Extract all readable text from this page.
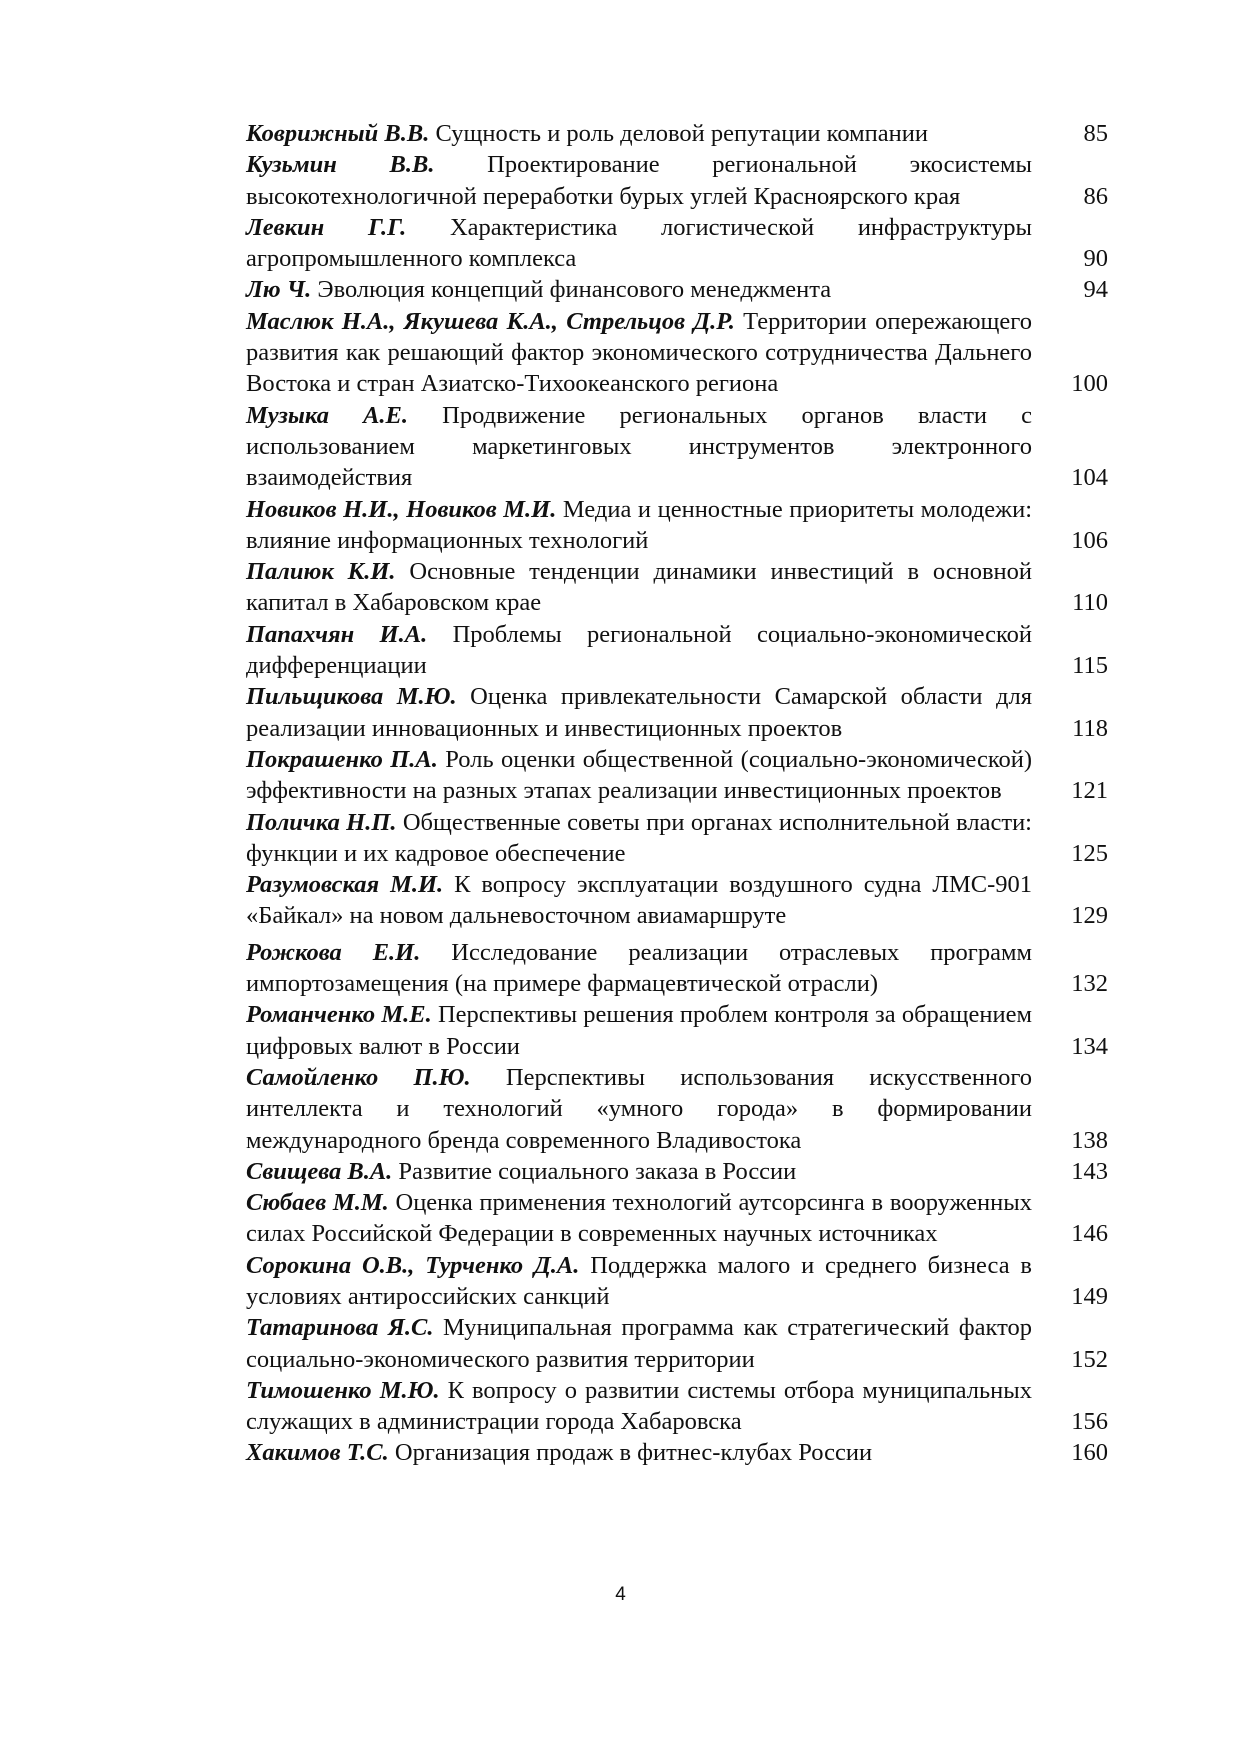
Коврижный В.В. Сущность и роль деловой репутации компании	85
Кузьмин В.В. Проектирование региональной экосистемы высокотехнологичной переработки бурых углей Красноярского края	86
Левкин Г.Г. Характеристика логистической инфраструктуры агропромышленного комплекса	90
Лю Ч. Эволюция концепций финансового менеджмента	94
Маслюк Н.А., Якушева К.А., Стрельцов Д.Р. Территории опережающего развития как решающий фактор экономического сотрудничества Дальнего Востока и стран Азиатско-Тихоокеанского региона	100
Музыка А.Е. Продвижение региональных органов власти с использованием маркетинговых инструментов электронного взаимодействия	104
Новиков Н.И., Новиков М.И. Медиа и ценностные приоритеты молодежи: влияние информационных технологий	106
Палиюк К.И. Основные тенденции динамики инвестиций в основной капитал в Хабаровском крае	110
Папахчян И.А. Проблемы региональной социально-экономической дифференциации	115
Пильщикова М.Ю. Оценка привлекательности Самарской области для реализации инновационных и инвестиционных проектов	118
Покрашенко П.А. Роль оценки общественной (социально-экономической) эффективности на разных этапах реализации инвестиционных проектов	121
Поличка Н.П. Общественные советы при органах исполнительной власти: функции и их кадровое обеспечение	125
Разумовская М.И. К вопросу эксплуатации воздушного судна ЛМС-901 «Байкал» на новом дальневосточном авиамаршруте	129
Рожкова Е.И. Исследование реализации отраслевых программ импортозамещения (на примере фармацевтической отрасли)	132
Романченко М.Е. Перспективы решения проблем контроля за обращением цифровых валют в России	134
Самойленко П.Ю. Перспективы использования искусственного интеллекта и технологий «умного города» в формировании международного бренда современного Владивостока	138
Свищева В.А. Развитие социального заказа в России	143
Сюбаев М.М. Оценка применения технологий аутсорсинга в вооруженных силах Российской Федерации в современных научных источниках	146
Сорокина О.В., Турченко Д.А. Поддержка малого и среднего бизнеса в условиях антироссийских санкций	149
Татаринова Я.С. Муниципальная программа как стратегический фактор социально-экономического развития территории	152
Тимошенко М.Ю. К вопросу о развитии системы отбора муниципальных служащих в администрации города Хабаровска	156
Хакимов Т.С. Организация продаж в фитнес-клубах России	160
4
